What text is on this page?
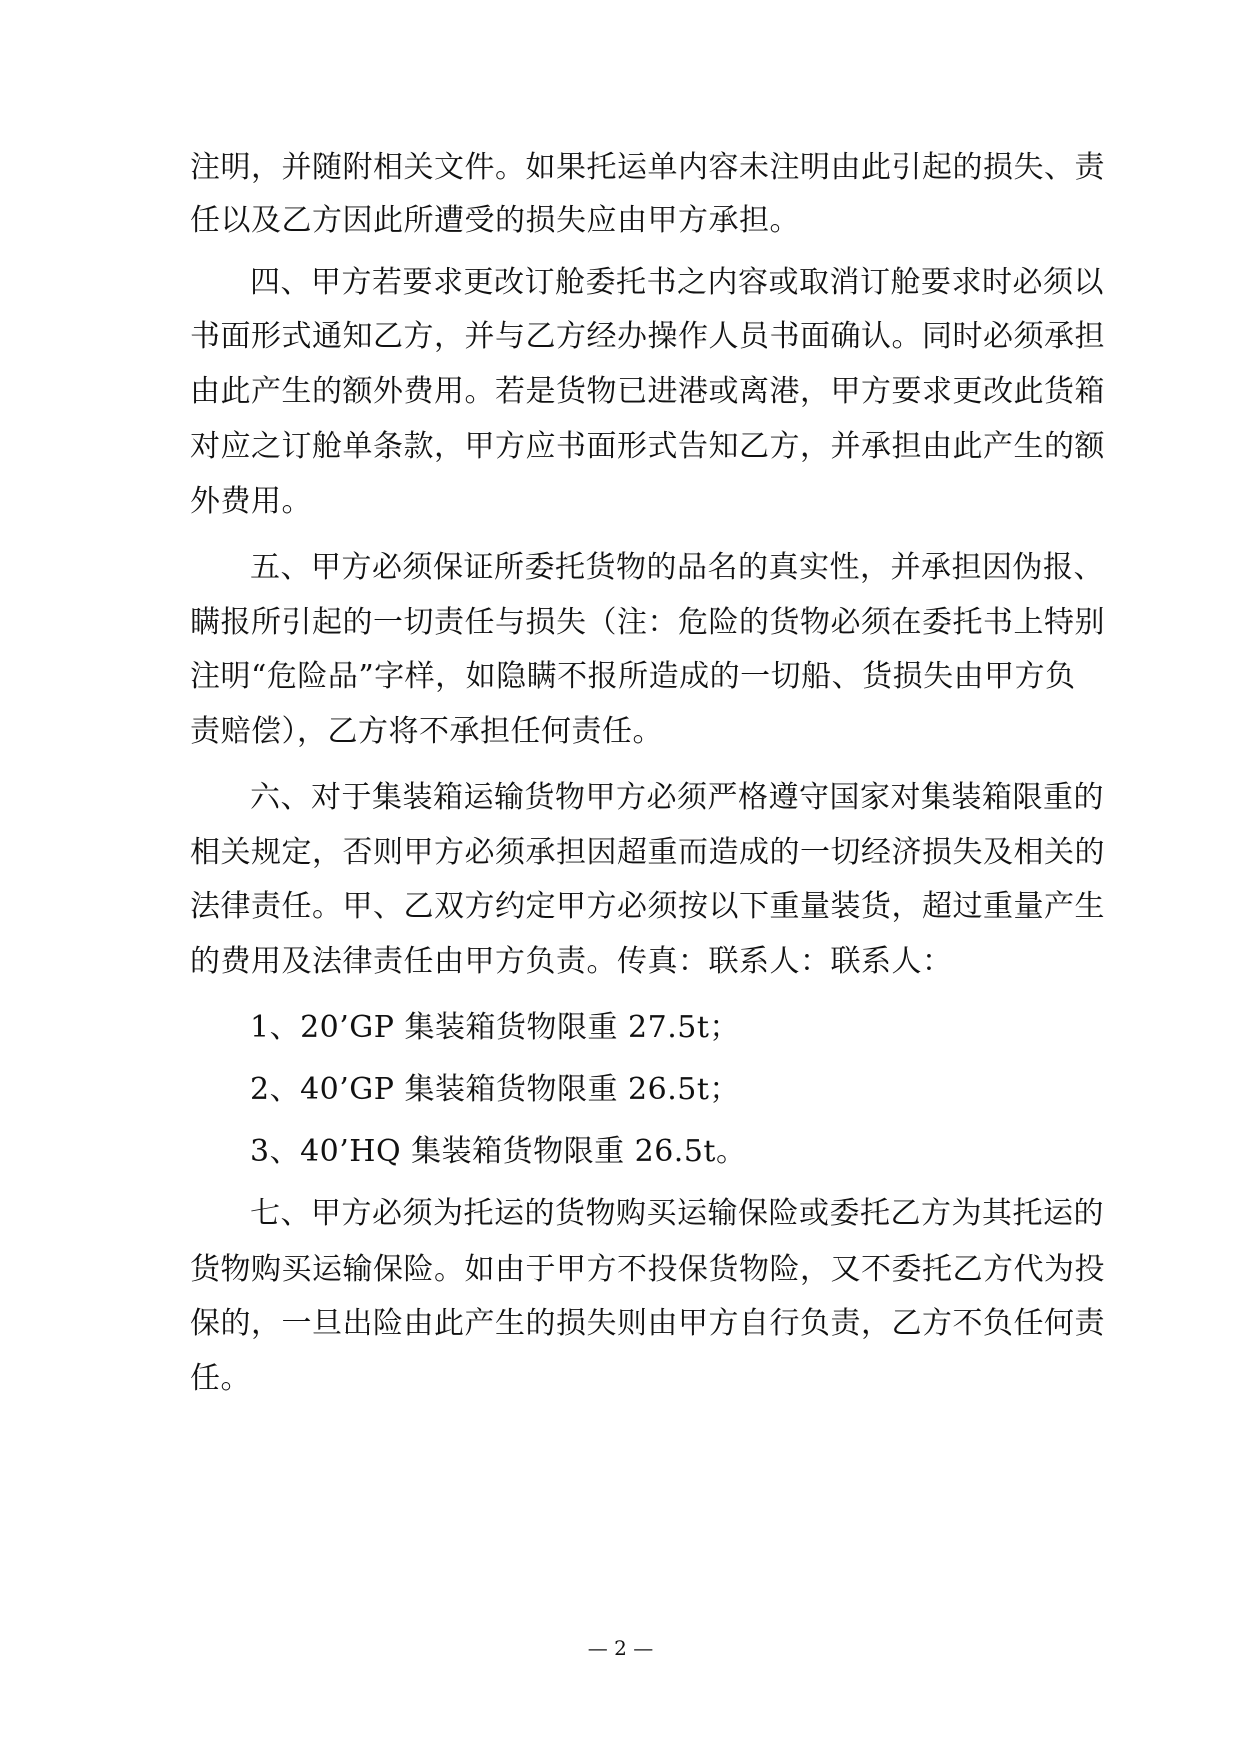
注明，并随附相关文件。如果托运单内容未注明由此引起的损失、责

任以及乙方因此所遭受的损失应由甲方承担。

四、甲方若要求更改订舱委托书之内容或取消订舱要求时必须以

书面形式通知乙方，并与乙方经办操作人员书面确认。同时必须承担

由此产生的额外费用。若是货物已进港或离港，甲方要求更改此货箱

对应之订舱单条款，甲方应书面形式告知乙方，并承担由此产生的额

外费用。

五、甲方必须保证所委托货物的品名的真实性，并承担因伪报、

瞒报所引起的一切责任与损失（注：危险的货物必须在委托书上特别

注明“危险品”字样，如隐瞒不报所造成的一切船、货损失由甲方负

责赔偿），乙方将不承担任何责任。

六、对于集装箱运输货物甲方必须严格遵守国家对集装箱限重的

相关规定，否则甲方必须承担因超重而造成的一切经济损失及相关的

法律责任。甲、乙双方约定甲方必须按以下重量装货，超过重量产生

的费用及法律责任由甲方负责。传真：联系人：联系人：

1、20’GP 集装箱货物限重 27.5t；

2、40’GP 集装箱货物限重 26.5t；

3、40’HQ 集装箱货物限重 26.5t。

七、甲方必须为托运的货物购买运输保险或委托乙方为其托运的

货物购买运输保险。如由于甲方不投保货物险，又不委托乙方代为投

保的，一旦出险由此产生的损失则由甲方自行负责，乙方不负任何责

任。

— 2 —
